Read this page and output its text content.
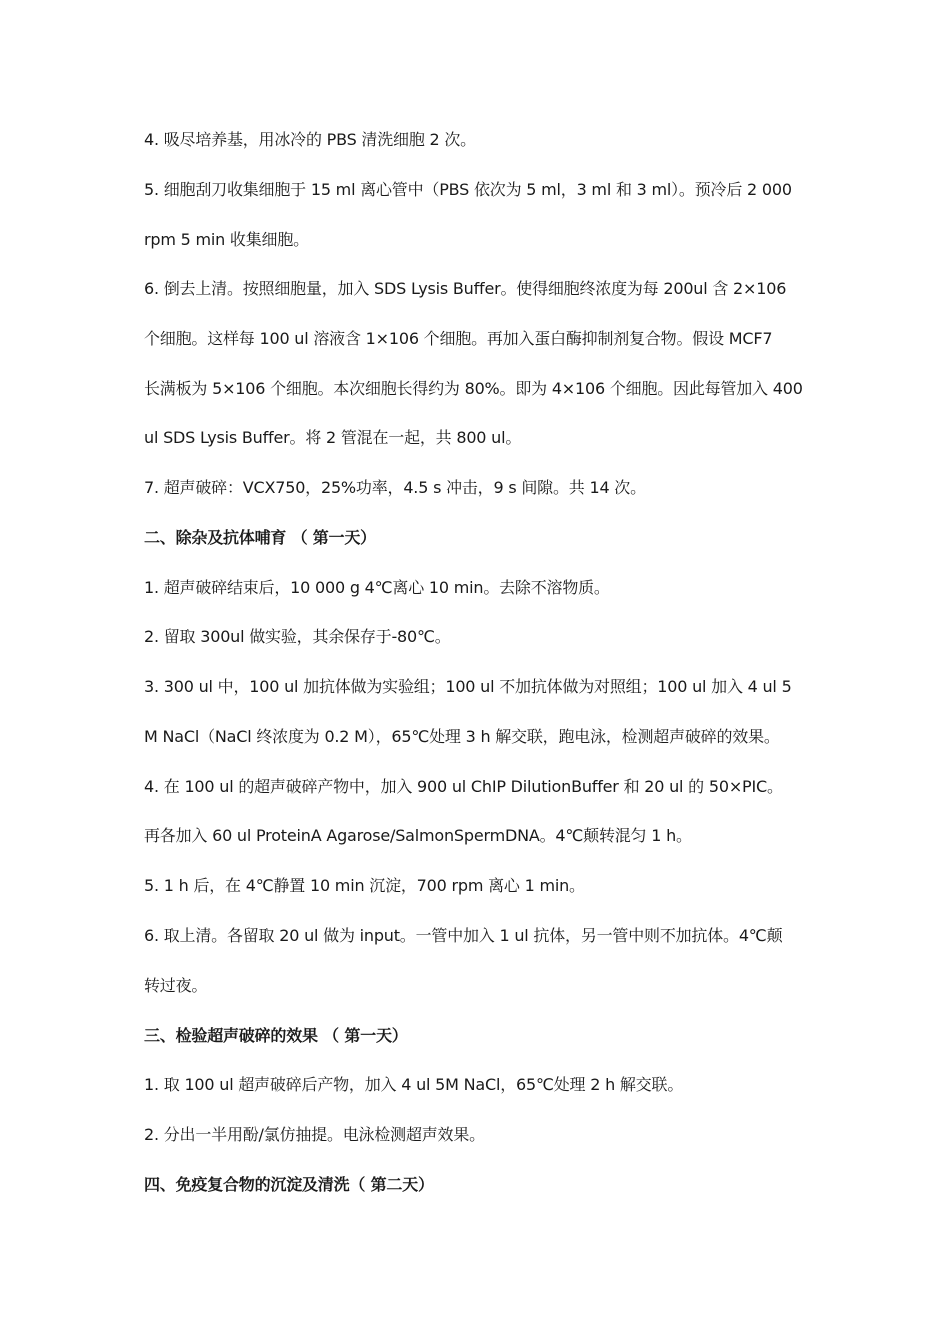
4. 吸尽培养基，用冰冷的 PBS 清洗细胞 2 次。
5. 细胞刮刀收集细胞于 15 ml 离心管中（PBS 依次为 5 ml，3 ml 和 3 ml）。预冷后 2 000
rpm 5 min 收集细胞。
6. 倒去上清。按照细胞量，加入 SDS Lysis Buffer。使得细胞终浓度为每 200ul 含 2×106
个细胞。这样每 100 ul 溶液含 1×106 个细胞。再加入蛋白酶抑制剂复合物。假设 MCF7
长满板为 5×106 个细胞。本次细胞长得约为 80%。即为 4×106 个细胞。因此每管加入 400
ul SDS Lysis Buffer。将 2 管混在一起，共 800 ul。
7. 超声破碎：VCX750，25%功率，4.5 s 冲击，9 s 间隙。共 14 次。
二、除杂及抗体哺育 （ 第一天）
1. 超声破碎结束后，10 000 g 4℃离心 10 min。去除不溶物质。
2. 留取 300ul 做实验，其余保存于-80℃。
3. 300 ul 中，100 ul 加抗体做为实验组；100 ul 不加抗体做为对照组；100 ul 加入 4 ul 5
M NaCl（NaCl 终浓度为 0.2 M），65℃处理 3 h 解交联，跑电泳，检测超声破碎的效果。
4. 在 100 ul 的超声破碎产物中，加入 900 ul ChIP DilutionBuffer 和 20 ul 的 50×PIC。
再各加入 60 ul ProteinA Agarose/SalmonSpermDNA。4℃颠转混匀 1 h。
5. 1 h 后，在 4℃静置 10 min 沉淀，700 rpm 离心 1 min。
6. 取上清。各留取 20 ul 做为 input。一管中加入 1 ul 抗体，另一管中则不加抗体。4℃颠
转过夜。
三、检验超声破碎的效果 （ 第一天）
1. 取 100 ul 超声破碎后产物，加入 4 ul 5M NaCl，65℃处理 2 h 解交联。
2. 分出一半用酚/氯仿抽提。电泳检测超声效果。
四、免疫复合物的沉淀及清洗（ 第二天）
